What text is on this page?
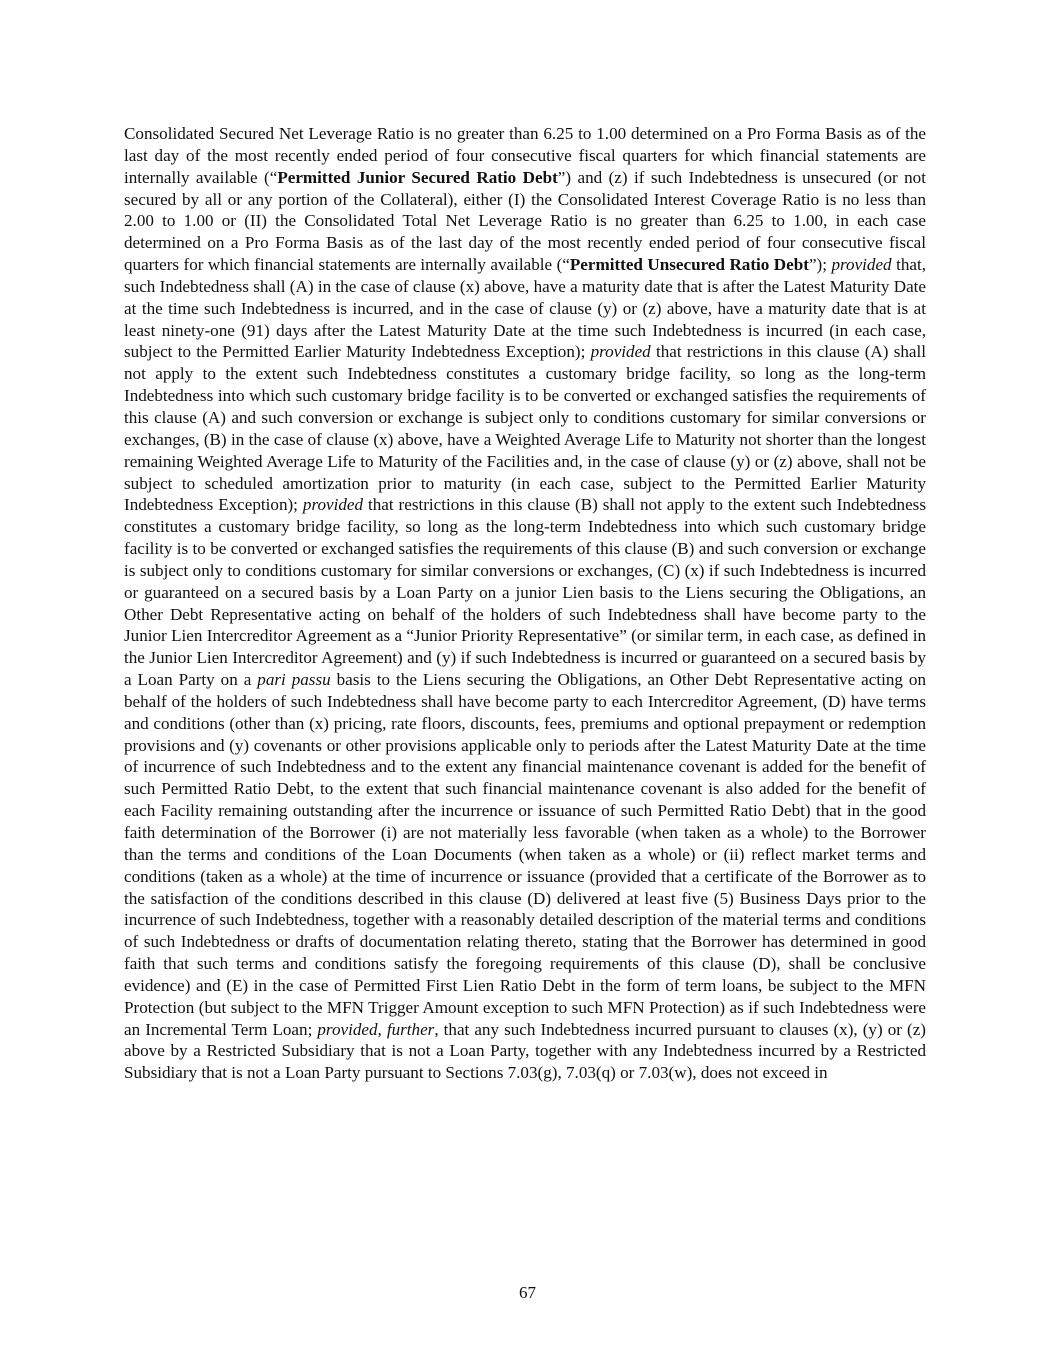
Consolidated Secured Net Leverage Ratio is no greater than 6.25 to 1.00 determined on a Pro Forma Basis as of the last day of the most recently ended period of four consecutive fiscal quarters for which financial statements are internally available (“Permitted Junior Secured Ratio Debt”) and (z) if such Indebtedness is unsecured (or not secured by all or any portion of the Collateral), either (I) the Consolidated Interest Coverage Ratio is no less than 2.00 to 1.00 or (II) the Consolidated Total Net Leverage Ratio is no greater than 6.25 to 1.00, in each case determined on a Pro Forma Basis as of the last day of the most recently ended period of four consecutive fiscal quarters for which financial statements are internally available (“Permitted Unsecured Ratio Debt”); provided that, such Indebtedness shall (A) in the case of clause (x) above, have a maturity date that is after the Latest Maturity Date at the time such Indebtedness is incurred, and in the case of clause (y) or (z) above, have a maturity date that is at least ninety-one (91) days after the Latest Maturity Date at the time such Indebtedness is incurred (in each case, subject to the Permitted Earlier Maturity Indebtedness Exception); provided that restrictions in this clause (A) shall not apply to the extent such Indebtedness constitutes a customary bridge facility, so long as the long-term Indebtedness into which such customary bridge facility is to be converted or exchanged satisfies the requirements of this clause (A) and such conversion or exchange is subject only to conditions customary for similar conversions or exchanges, (B) in the case of clause (x) above, have a Weighted Average Life to Maturity not shorter than the longest remaining Weighted Average Life to Maturity of the Facilities and, in the case of clause (y) or (z) above, shall not be subject to scheduled amortization prior to maturity (in each case, subject to the Permitted Earlier Maturity Indebtedness Exception); provided that restrictions in this clause (B) shall not apply to the extent such Indebtedness constitutes a customary bridge facility, so long as the long-term Indebtedness into which such customary bridge facility is to be converted or exchanged satisfies the requirements of this clause (B) and such conversion or exchange is subject only to conditions customary for similar conversions or exchanges, (C) (x) if such Indebtedness is incurred or guaranteed on a secured basis by a Loan Party on a junior Lien basis to the Liens securing the Obligations, an Other Debt Representative acting on behalf of the holders of such Indebtedness shall have become party to the Junior Lien Intercreditor Agreement as a “Junior Priority Representative” (or similar term, in each case, as defined in the Junior Lien Intercreditor Agreement) and (y) if such Indebtedness is incurred or guaranteed on a secured basis by a Loan Party on a pari passu basis to the Liens securing the Obligations, an Other Debt Representative acting on behalf of the holders of such Indebtedness shall have become party to each Intercreditor Agreement, (D) have terms and conditions (other than (x) pricing, rate floors, discounts, fees, premiums and optional prepayment or redemption provisions and (y) covenants or other provisions applicable only to periods after the Latest Maturity Date at the time of incurrence of such Indebtedness and to the extent any financial maintenance covenant is added for the benefit of such Permitted Ratio Debt, to the extent that such financial maintenance covenant is also added for the benefit of each Facility remaining outstanding after the incurrence or issuance of such Permitted Ratio Debt) that in the good faith determination of the Borrower (i) are not materially less favorable (when taken as a whole) to the Borrower than the terms and conditions of the Loan Documents (when taken as a whole) or (ii) reflect market terms and conditions (taken as a whole) at the time of incurrence or issuance (provided that a certificate of the Borrower as to the satisfaction of the conditions described in this clause (D) delivered at least five (5) Business Days prior to the incurrence of such Indebtedness, together with a reasonably detailed description of the material terms and conditions of such Indebtedness or drafts of documentation relating thereto, stating that the Borrower has determined in good faith that such terms and conditions satisfy the foregoing requirements of this clause (D), shall be conclusive evidence) and (E) in the case of Permitted First Lien Ratio Debt in the form of term loans, be subject to the MFN Protection (but subject to the MFN Trigger Amount exception to such MFN Protection) as if such Indebtedness were an Incremental Term Loan; provided, further, that any such Indebtedness incurred pursuant to clauses (x), (y) or (z) above by a Restricted Subsidiary that is not a Loan Party, together with any Indebtedness incurred by a Restricted Subsidiary that is not a Loan Party pursuant to Sections 7.03(g), 7.03(q) or 7.03(w), does not exceed in

67
